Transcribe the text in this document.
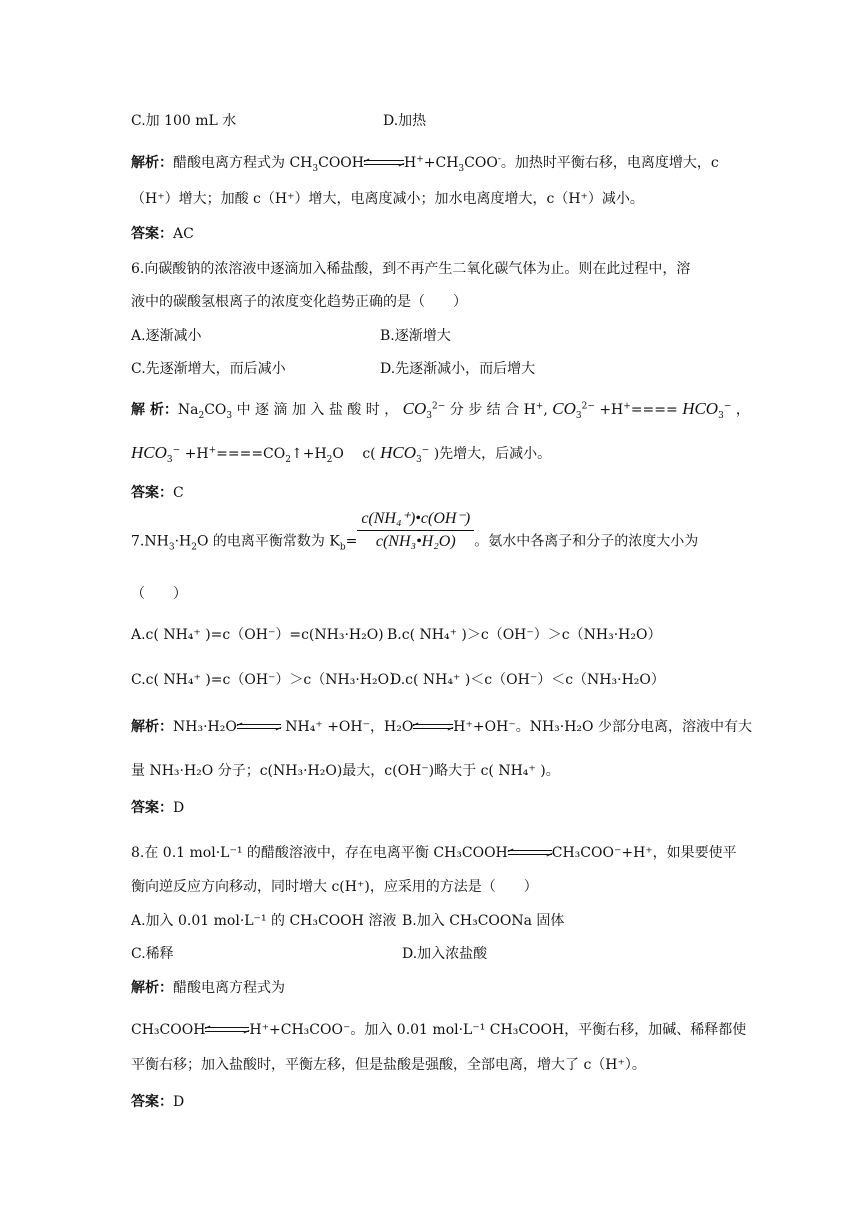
C.加 100 mL 水	D.加热
解析：醋酸电离方程式为 $CH_3COOH\to H^++CH_3COO^-$。加热时平衡右移，电离度增大，c
（H⁺）增大；加酸 c（H⁺）增大，电离度减小；加水电离度增大，c（H⁺）减小。
答案：AC
6.向碳酸钠的浓溶液中逐滴加入稀盐酸，到不再产生二氧化碳气体为止。则在此过程中，溶
液中的碳酸氢根离子的浓度变化趋势正确的是（　　）
A.逐渐减小	B.逐渐增大
C.先逐渐增大，而后减小	D.先逐渐减小，而后增大
解 析：$Na_2CO_3$ 中 逐 滴 加 入 盐 酸 时 ， $CO_3^{2-}$ 分 步 结 合 H+, $CO_3^{2-} +H^+==== HCO_3^-$ ，
$HCO_3^-$ $+H^+====CO_2↑+H_2O$　 c( $HCO_3^-$ )先增大，后减小。
答案：C
$7.NH_3\cdot H_2O$ 的电离平衡常数为 $K_b= \frac{\text{c(NH₄⁺)•c(OH⁻)}}{\text{c(NH₃•H₂O)}}$ 。氨水中各离子和分子的浓度大小为
（　　）
A.c( NH₄⁺ )=c（OH⁻）=c(NH₃·H₂O) B.c( NH₄⁺ )＞c（OH⁻）＞c（NH₃·H₂O）
C.c( NH₄⁺ )=c（OH⁻）＞c（NH₃·H₂O）
D.c( NH₄⁺ )＜c（OH⁻）＜c（NH₃·H₂O）
解析：NH₃·H₂O→ NH₄⁺ +OH⁻，H₂O→H⁺+OH⁻。NH₃·H₂O 少部分电离，溶液中有大
量 NH₃·H₂O 分子；c(NH₃·H₂O)最大，c(OH⁻)略大于 c( NH₄⁺ )。
答案：D
8.在 0.1 mol·L⁻¹ 的醋酸溶液中，存在电离平衡 CH₃COOH→CH₃COO⁻+H⁺，如果要使平
衡向逆反应方向移动，同时增大 c(H⁺)，应采用的方法是（　　）
A.加入 0.01 mol·L⁻¹ 的 CH₃COOH 溶液 B.加入 CH₃COONa 固体
C.稀释	D.加入浓盐酸
解析：醋酸电离方程式为
CH₃COOH→H⁺+CH₃COO⁻。加入 0.01 mol·L⁻¹ CH₃COOH，平衡右移，加碱、稀释都使
平衡右移；加入盐酸时，平衡左移，但是盐酸是强酸，全部电离，增大了 c（H⁺）。
答案：D
